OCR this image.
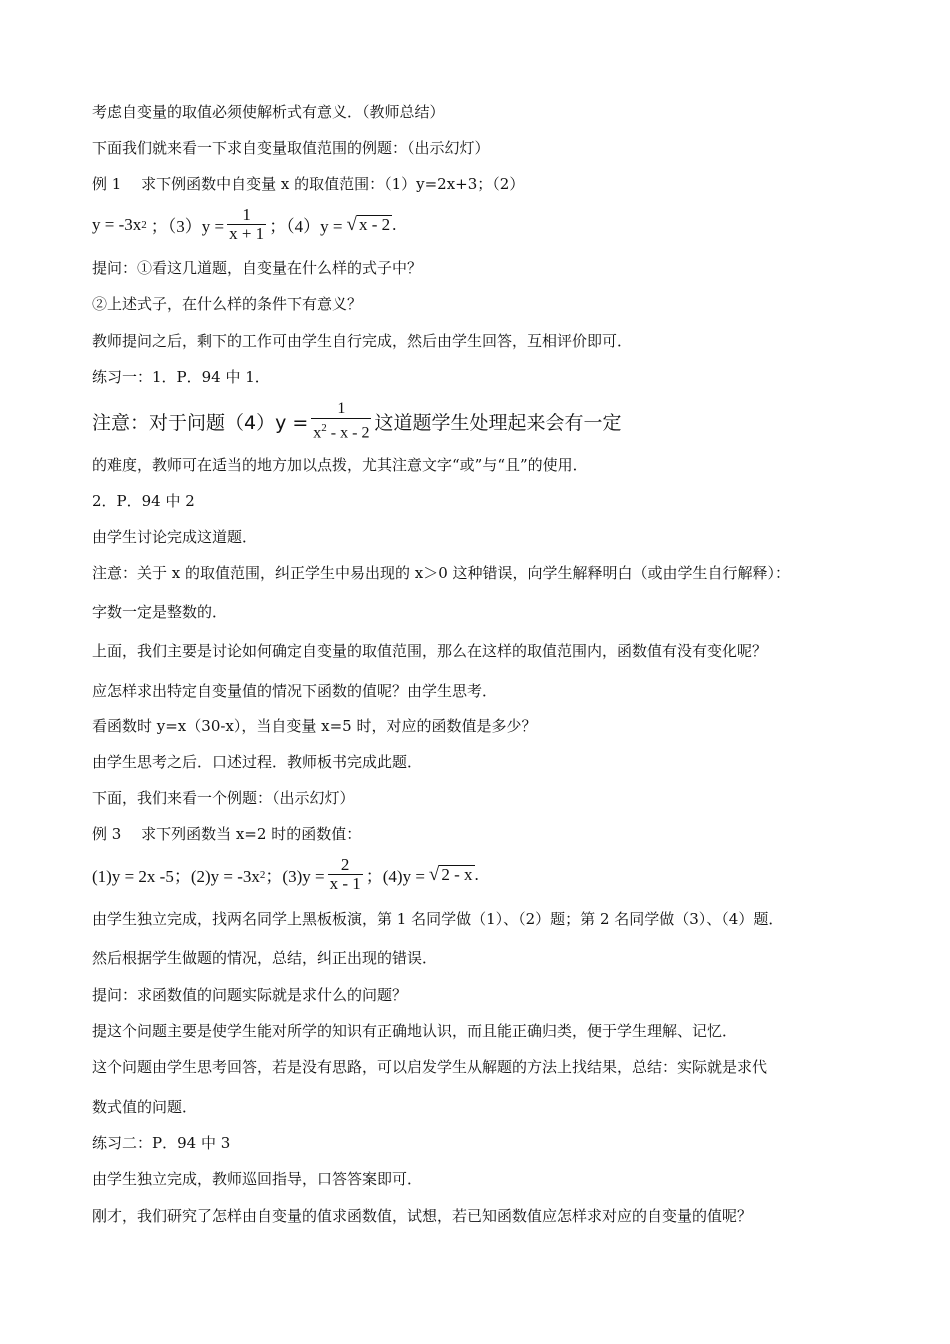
考虑自变量的取值必须使解析式有意义．（教师总结）
下面我们就来看一下求自变量取值范围的例题：（出示幻灯）
例 1　 求下例函数中自变量 x 的取值范围：（1）y=2x+3；（2）
y = -3x 2 ；$(3)y = \frac{1}{x + 1}$ ；（4）y = √ x - 2 .
提问：①看这几道题，自变量在什么样的式子中？
②上述式子，在什么样的条件下有意义？
教师提问之后，剩下的工作可由学生自行完成，然后由学生回答，互相评价即可．
练习一：1．P．94 中 1．
注意：对于问题$(4)y = \frac{1}{x^2 - x - 2}$ 这道题学生处理起来会有一定
的难度，教师可在适当的地方加以点拨，尤其注意文字“或”与“且”的使用．
2．P．94 中 2
由学生讨论完成这道题．
注意：关于 x 的取值范围，纠正学生中易出现的 x＞0 这种错误，向学生解释明白（或由学生自行解释）：
字数一定是整数的．
上面，我们主要是讨论如何确定自变量的取值范围，那么在这样的取值范围内，函数值有没有变化呢？
应怎样求出特定自变量值的情况下函数的值呢？由学生思考．
看函数时 y=x（30-x），当自变量 x=5 时，对应的函数值是多少？
由学生思考之后．口述过程．教师板书完成此题．
下面，我们来看一个例题：（出示幻灯）
例 3　 求下列函数当 x=2 时的函数值：
(1)y = 2x -5；(2)y = -3x 2 ；$(3)y = \frac{2}{x - 1}$ ；(4)y = √ 2 - x .
由学生独立完成，找两名同学上黑板板演，第 1 名同学做（1）、（2）题；第 2 名同学做（3）、（4）题．
然后根据学生做题的情况，总结，纠正出现的错误．
提问：求函数值的问题实际就是求什么的问题？
提这个问题主要是使学生能对所学的知识有正确地认识，而且能正确归类，便于学生理解、记忆．
这个问题由学生思考回答，若是没有思路，可以启发学生从解题的方法上找结果，总结：实际就是求代
数式值的问题．
练习二：P．94 中 3
由学生独立完成，教师巡回指导，口答答案即可．
刚才，我们研究了怎样由自变量的值求函数值，试想，若已知函数值应怎样求对应的自变量的值呢？
